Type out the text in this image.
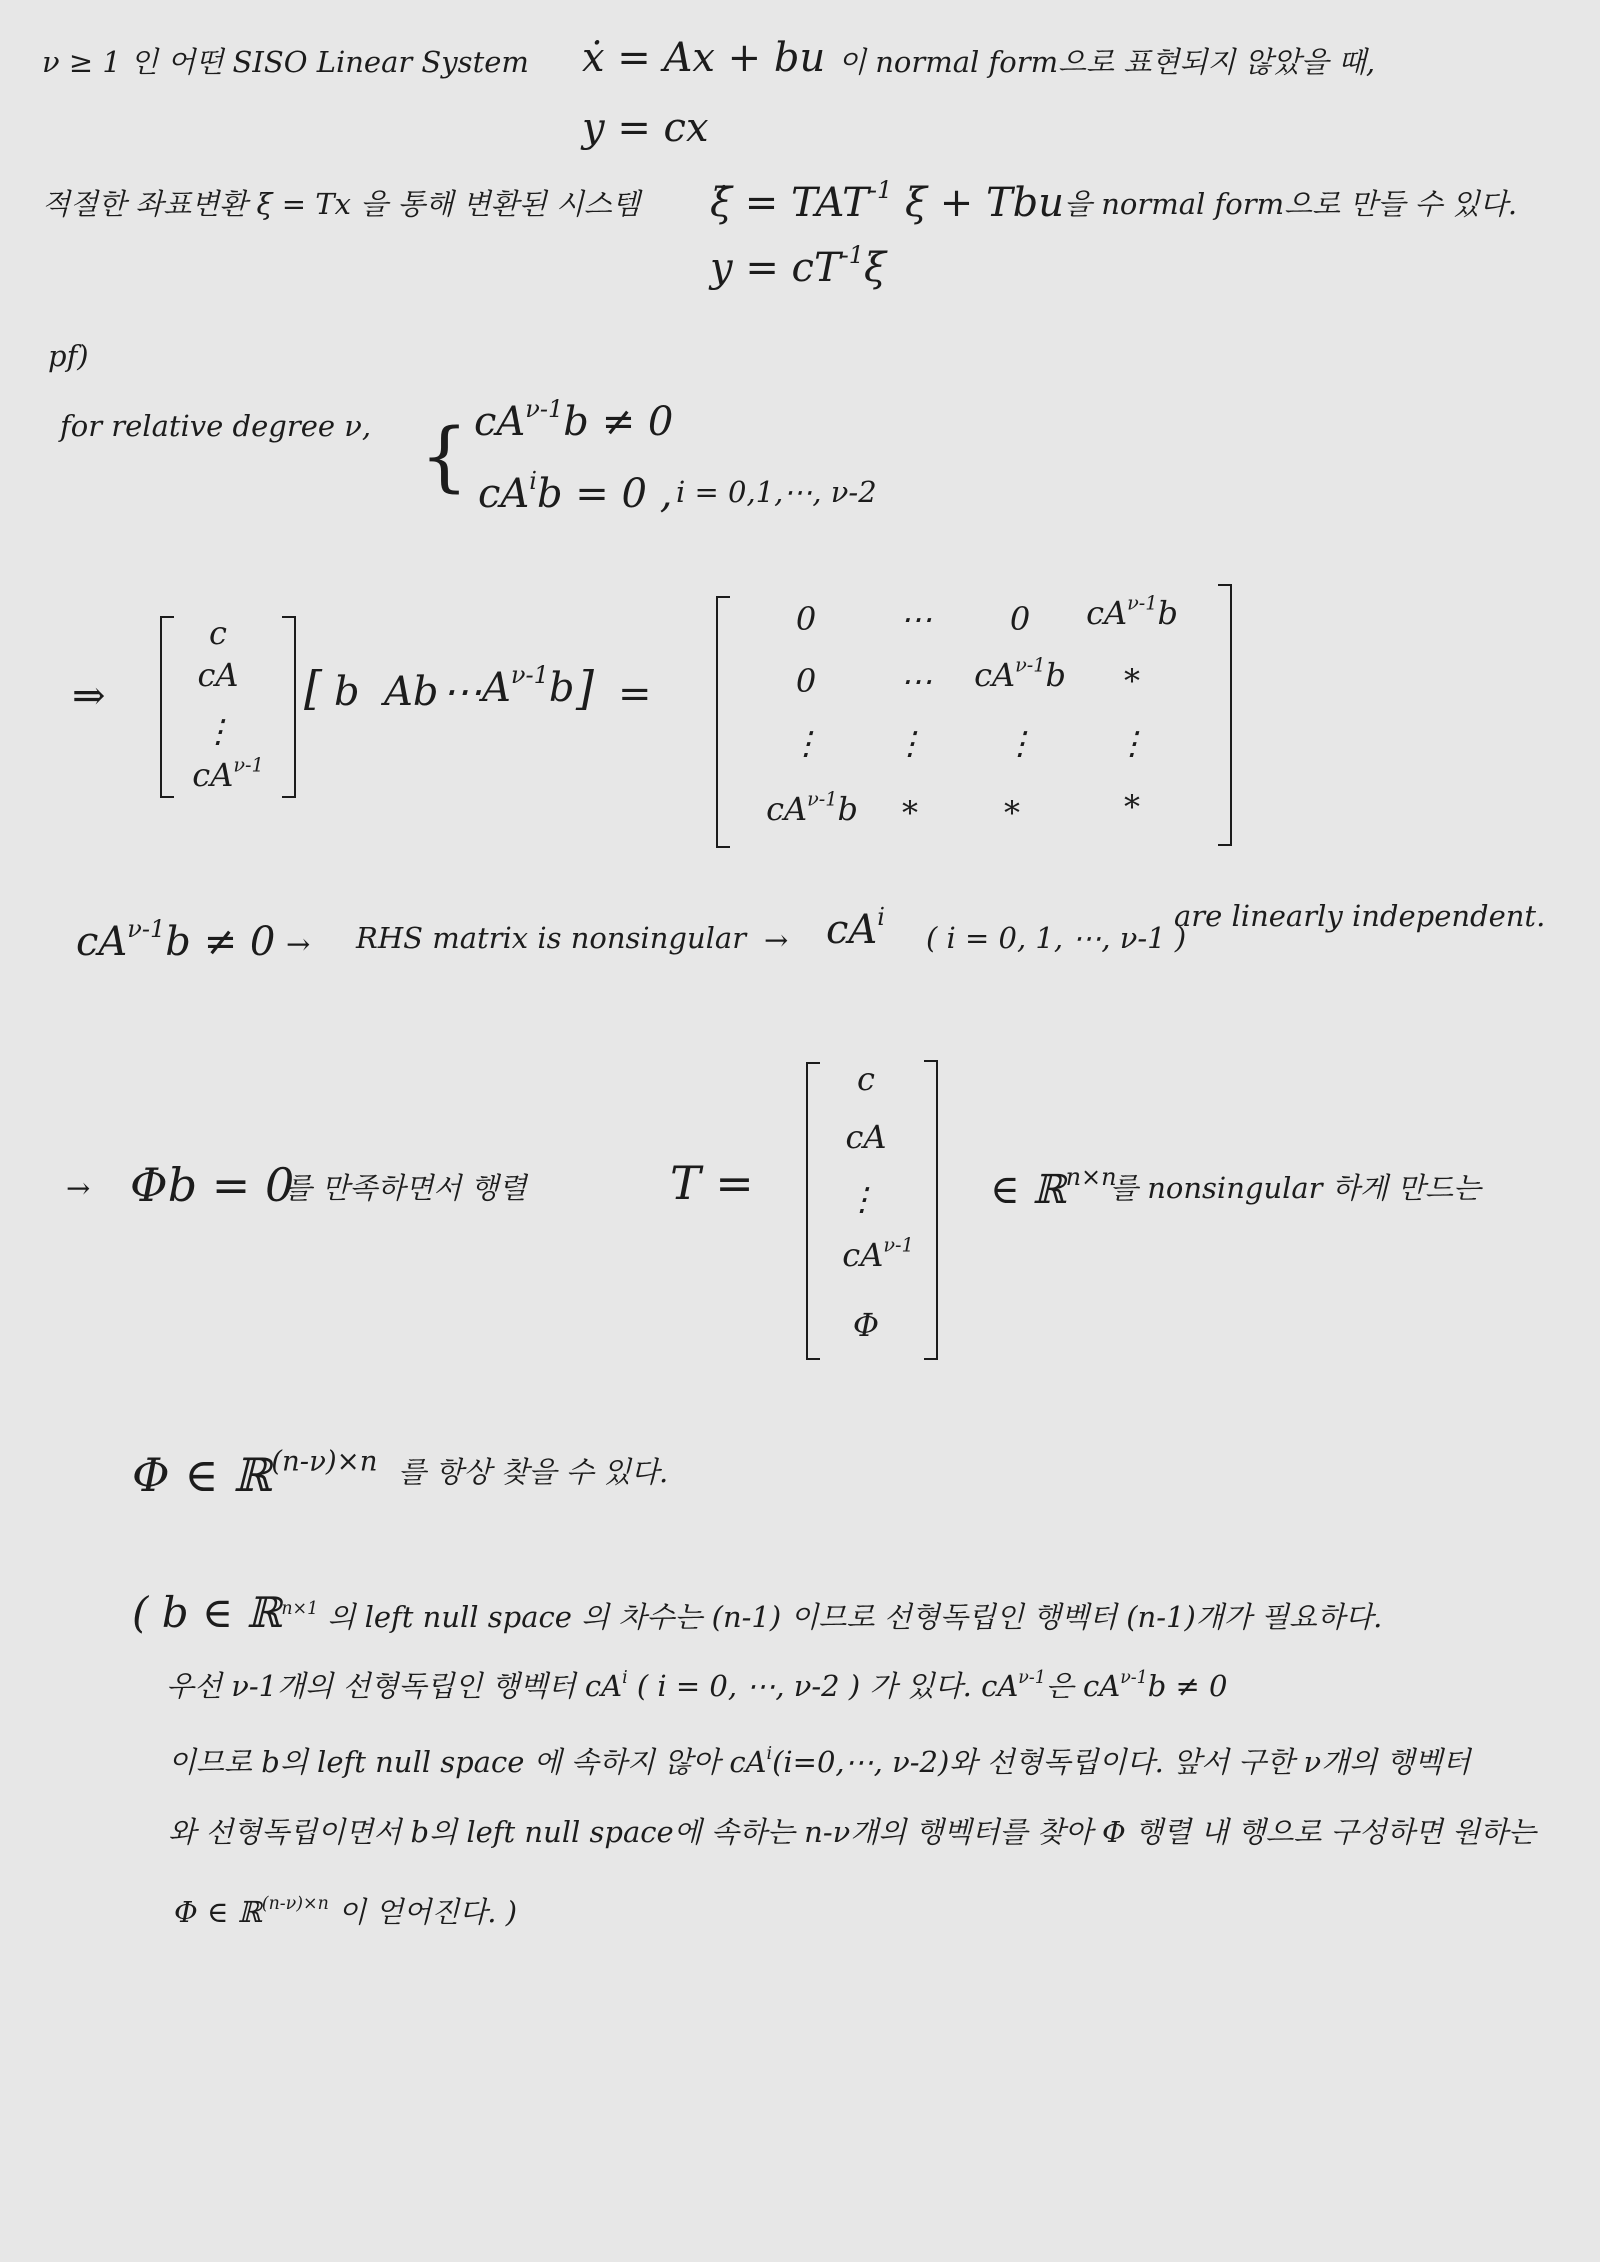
ν ≥ 1 인 어떤 SISO Linear System ẋ = Ax + bu 이 normal form으로 표현되지 않았을 때,
y = cx
적절한 좌표변환 ξ = Tx 을 통해 변환된 시스템 ξ̇ = $TAT^{-1}$ ξ + Tbu 을 normal form으로 만들 수 있다.
$y = cT^{-1}\xi$
pf)
for relative degree ν, { $cA^{\nu-1}b \ne 0$
$cA^ib = 0$ , i = 0,1,⋯, ν-2
⇒
c
cA
⋮
$cA^{\nu-1}$
[ b Ab ⋯ $A^{\nu-1}b$ ] =
0	⋯ 0 $cA^{\nu-1}b$
0	⋯ $cA^{\nu-1}b$ *
⋮ ⋮ ⋮	⋮
$cA^{\nu-1}b$ *	*	*
$cA^{\nu-1}b \ne 0$ → RHS matrix is nonsingular → $cA^i$
( i = 0, 1, ⋯, ν-1 )
are linearly independent.
→ Φb = 0
를 만족하면서 행렬	T =
c
cA
⋮
$cA^{\nu-1}$
Φ
∈ ℝ$^{n\times n}$
를 nonsingular 하게 만드는
Φ ∈ ℝ$^{(n-\nu)\times n}$ 를 항상 찾을 수 있다.
( b ∈ ℝ$^{n\times 1}$ 의 left null space 의 차수는 (n-1) 이므로 선형독립인 행벡터 (n-1)개가 필요하다.
우선 ν-1개의 선형독립인 행벡터 $cA^i$ ( i = 0, ⋯, ν-2 ) 가 있다. $cA^{\nu-1}$은 $cA^{\nu-1}b \ne 0$
이므로 b의 left null space 에 속하지 않아 $cA^i(i=0,\cdots$, ν-2)와 선형독립이다. 앞서 구한 ν개의 행벡터
와 선형독립이면서 b의 left null space에 속하는 n-ν개의 행벡터를 찾아 Φ 행렬 내 행으로 구성하면 원하는
Φ ∈ ℝ$^{(n-\nu)\times n}$ 이 얻어진다. )
